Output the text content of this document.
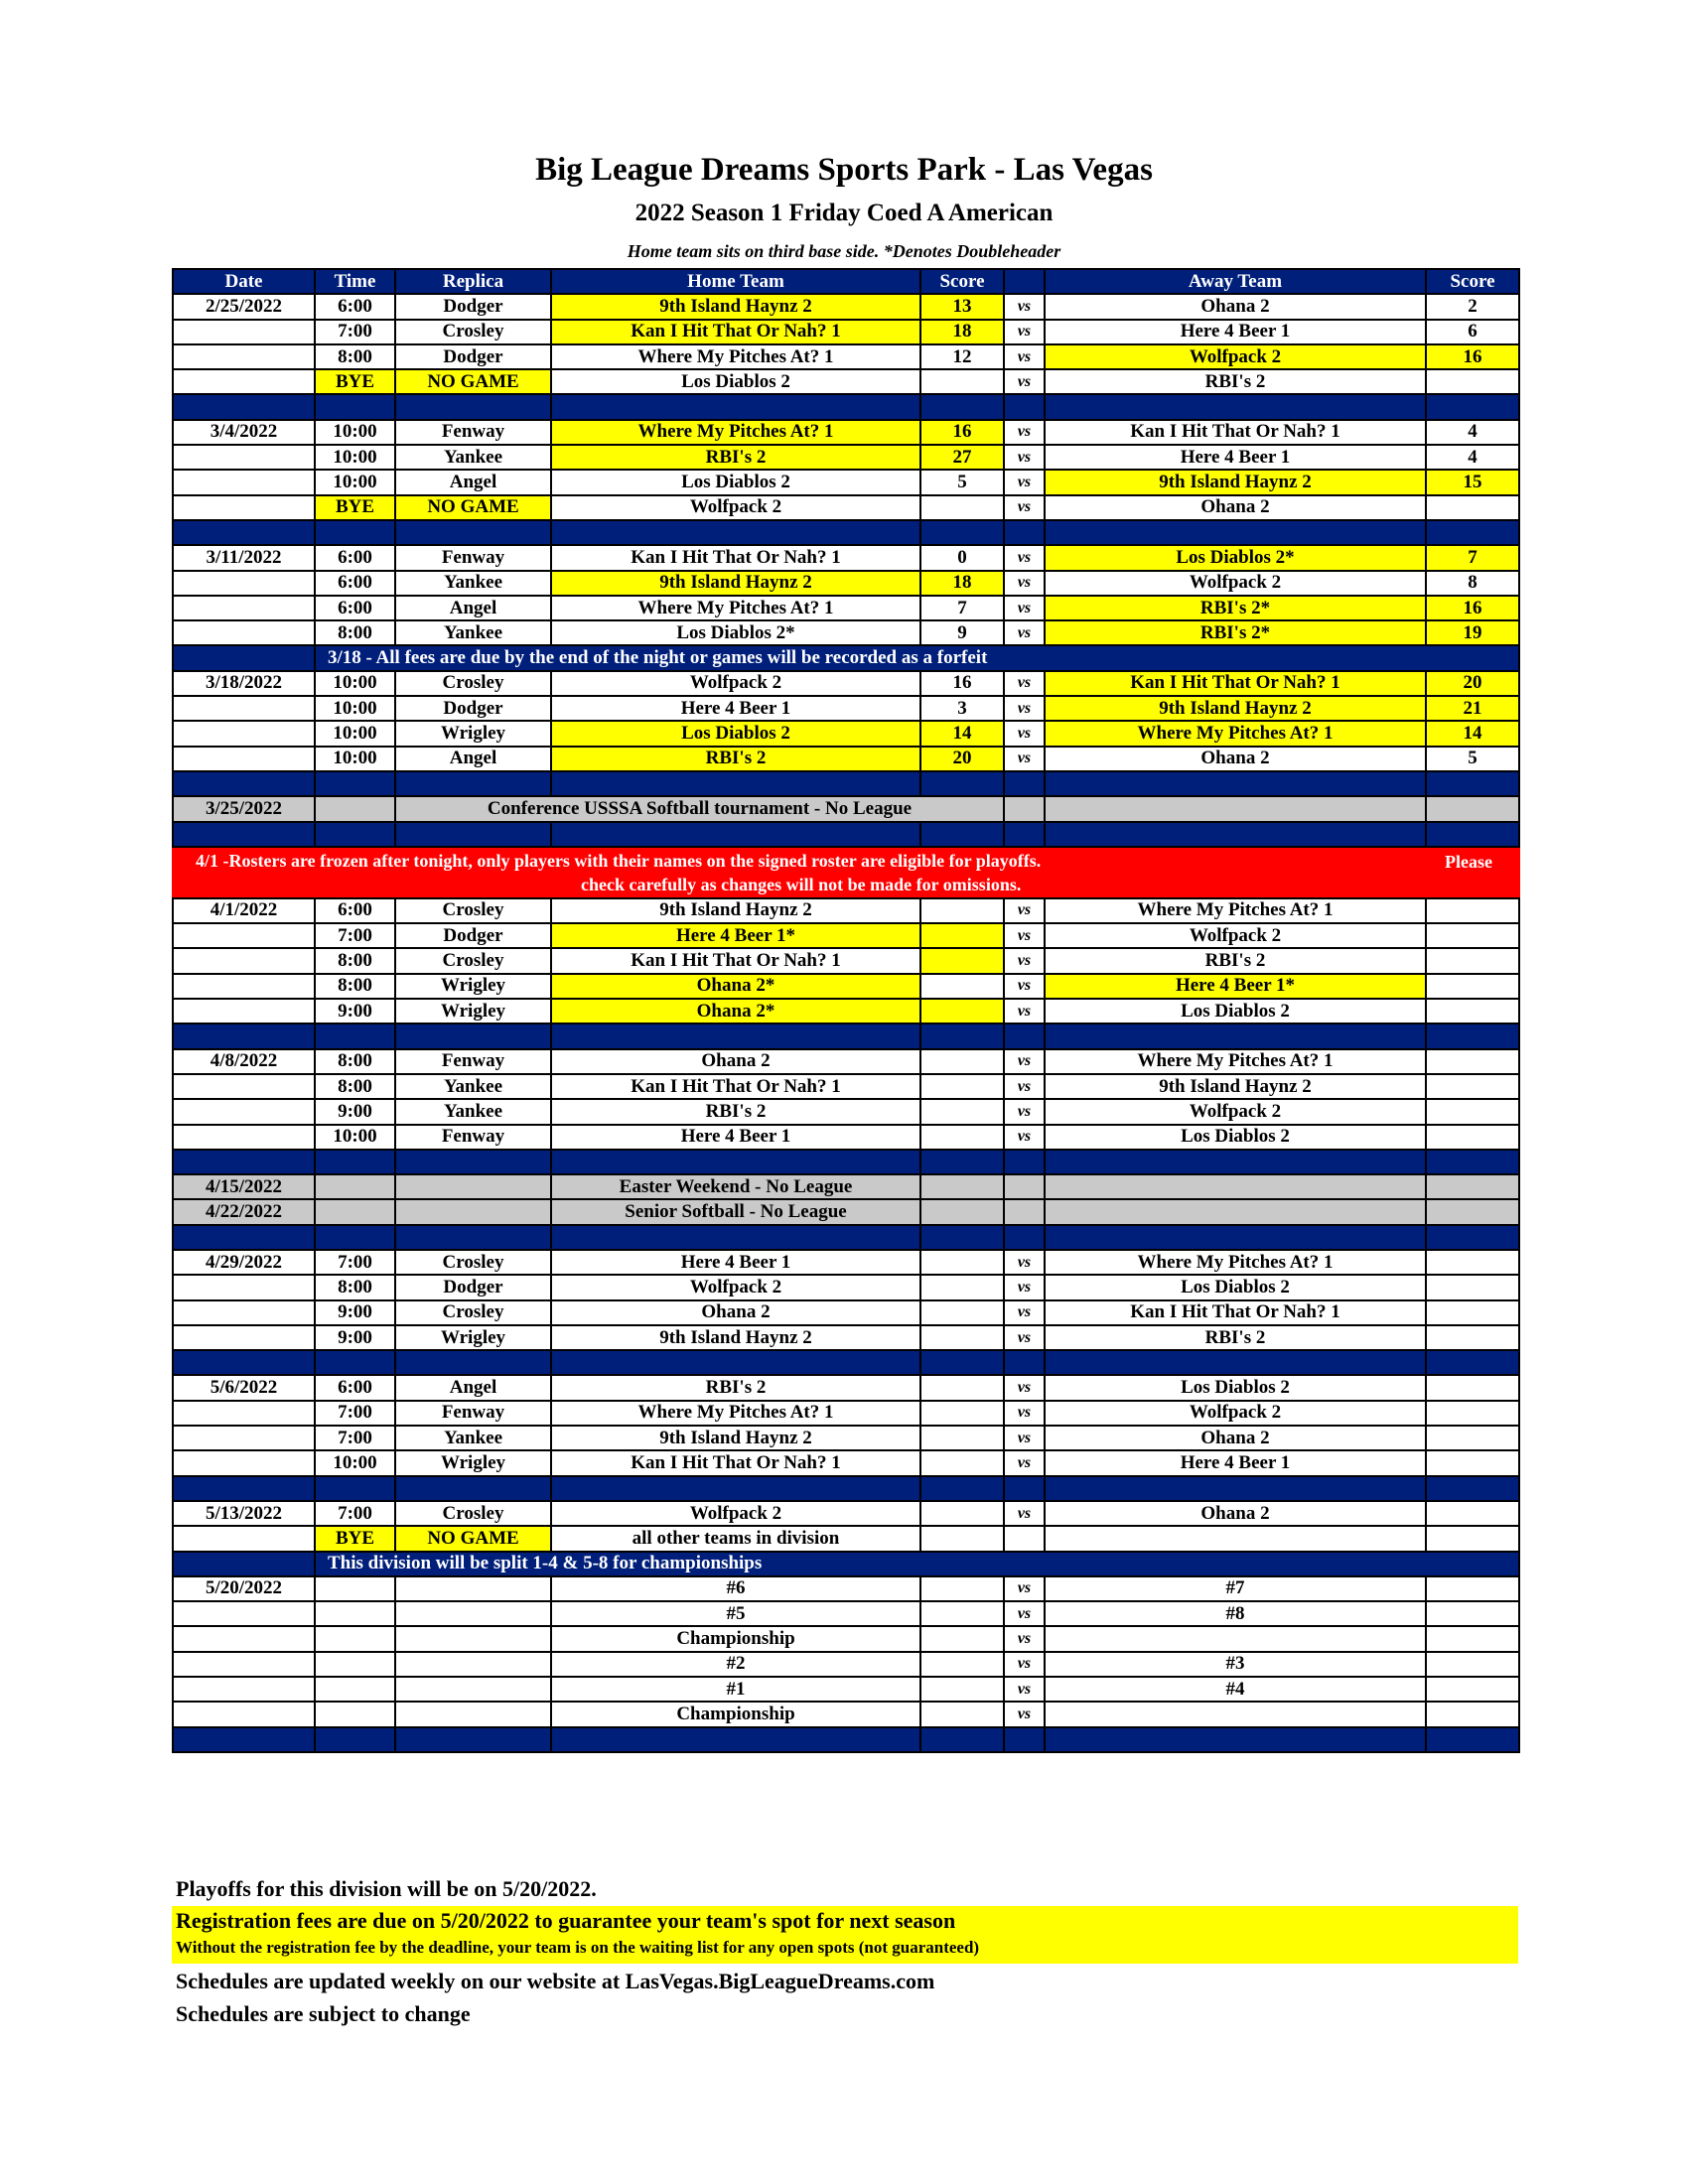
Big League Dreams Sports Park - Las Vegas
2022 Season 1 Friday Coed A American
Home team sits on third base side. *Denotes Doubleheader
Date	Time	Replica	Home Team	Score		Away Team	Score
2/25/2022	6:00	Dodger	9th Island Haynz 2	13	vs	Ohana 2	2
	7:00	Crosley	Kan I Hit That Or Nah? 1	18	vs	Here 4 Beer 1	6
	8:00	Dodger	Where My Pitches At? 1	12	vs	Wolfpack 2	16
	BYE	NO GAME	Los Diablos 2		vs	RBI's 2	

3/4/2022	10:00	Fenway	Where My Pitches At? 1	16	vs	Kan I Hit That Or Nah? 1	4
	10:00	Yankee	RBI's 2	27	vs	Here 4 Beer 1	4
	10:00	Angel	Los Diablos 2	5	vs	9th Island Haynz 2	15
	BYE	NO GAME	Wolfpack 2		vs	Ohana 2	

3/11/2022	6:00	Fenway	Kan I Hit That Or Nah? 1	0	vs	Los Diablos 2*	7
	6:00	Yankee	9th Island Haynz 2	18	vs	Wolfpack 2	8
	6:00	Angel	Where My Pitches At? 1	7	vs	RBI's 2*	16
	8:00	Yankee	Los Diablos 2*	9	vs	RBI's 2*	19
	3/18 - All fees are due by the end of the night or games will be recorded as a forfeit						
3/18/2022	10:00	Crosley	Wolfpack 2	16	vs	Kan I Hit That Or Nah? 1	20
	10:00	Dodger	Here 4 Beer 1	3	vs	9th Island Haynz 2	21
	10:00	Wrigley	Los Diablos 2	14	vs	Where My Pitches At? 1	14
	10:00	Angel	RBI's 2	20	vs	Ohana 2	5

3/25/2022		Conference USSSA Softball tournament - No League					

4/1 -Rosters are frozen after tonight, only players with their names on the signed roster are eligible for playoffs. Please
check carefully as changes will not be made for omissions.							

4/1/2022	6:00	Crosley	9th Island Haynz 2		vs	Where My Pitches At? 1	
	7:00	Dodger	Here 4 Beer 1*		vs	Wolfpack 2	
	8:00	Crosley	Kan I Hit That Or Nah? 1		vs	RBI's 2	
	8:00	Wrigley	Ohana 2*		vs	Here 4 Beer 1*	
	9:00	Wrigley	Ohana 2*		vs	Los Diablos 2	

4/8/2022	8:00	Fenway	Ohana 2		vs	Where My Pitches At? 1	
	8:00	Yankee	Kan I Hit That Or Nah? 1		vs	9th Island Haynz 2	
	9:00	Yankee	RBI's 2		vs	Wolfpack 2	
	10:00	Fenway	Here 4 Beer 1		vs	Los Diablos 2	

4/15/2022			Easter Weekend - No League				
4/22/2022			Senior Softball - No League				

4/29/2022	7:00	Crosley	Here 4 Beer 1		vs	Where My Pitches At? 1	
	8:00	Dodger	Wolfpack 2		vs	Los Diablos 2	
	9:00	Crosley	Ohana 2		vs	Kan I Hit That Or Nah? 1	
	9:00	Wrigley	9th Island Haynz 2		vs	RBI's 2	

5/6/2022	6:00	Angel	RBI's 2		vs	Los Diablos 2	
	7:00	Fenway	Where My Pitches At? 1		vs	Wolfpack 2	
	7:00	Yankee	9th Island Haynz 2		vs	Ohana 2	
	10:00	Wrigley	Kan I Hit That Or Nah? 1		vs	Here 4 Beer 1	

5/13/2022	7:00	Crosley	Wolfpack 2		vs	Ohana 2	
	BYE	NO GAME	all other teams in division				
	This division will be split 1-4 & 5-8 for championships						
5/20/2022			#6		vs	#7	
			#5		vs	#8	
			Championship		vs		
			#2		vs	#3	
			#1		vs	#4	
			Championship		vs		

Playoffs for this division will be on 5/20/2022.
Registration fees are due on 5/20/2022 to guarantee your team's spot for next season
Without the registration fee by the deadline, your team is on the waiting list for any open spots (not guaranteed)
Schedules are updated weekly on our website at LasVegas.BigLeagueDreams.com
Schedules are subject to change
